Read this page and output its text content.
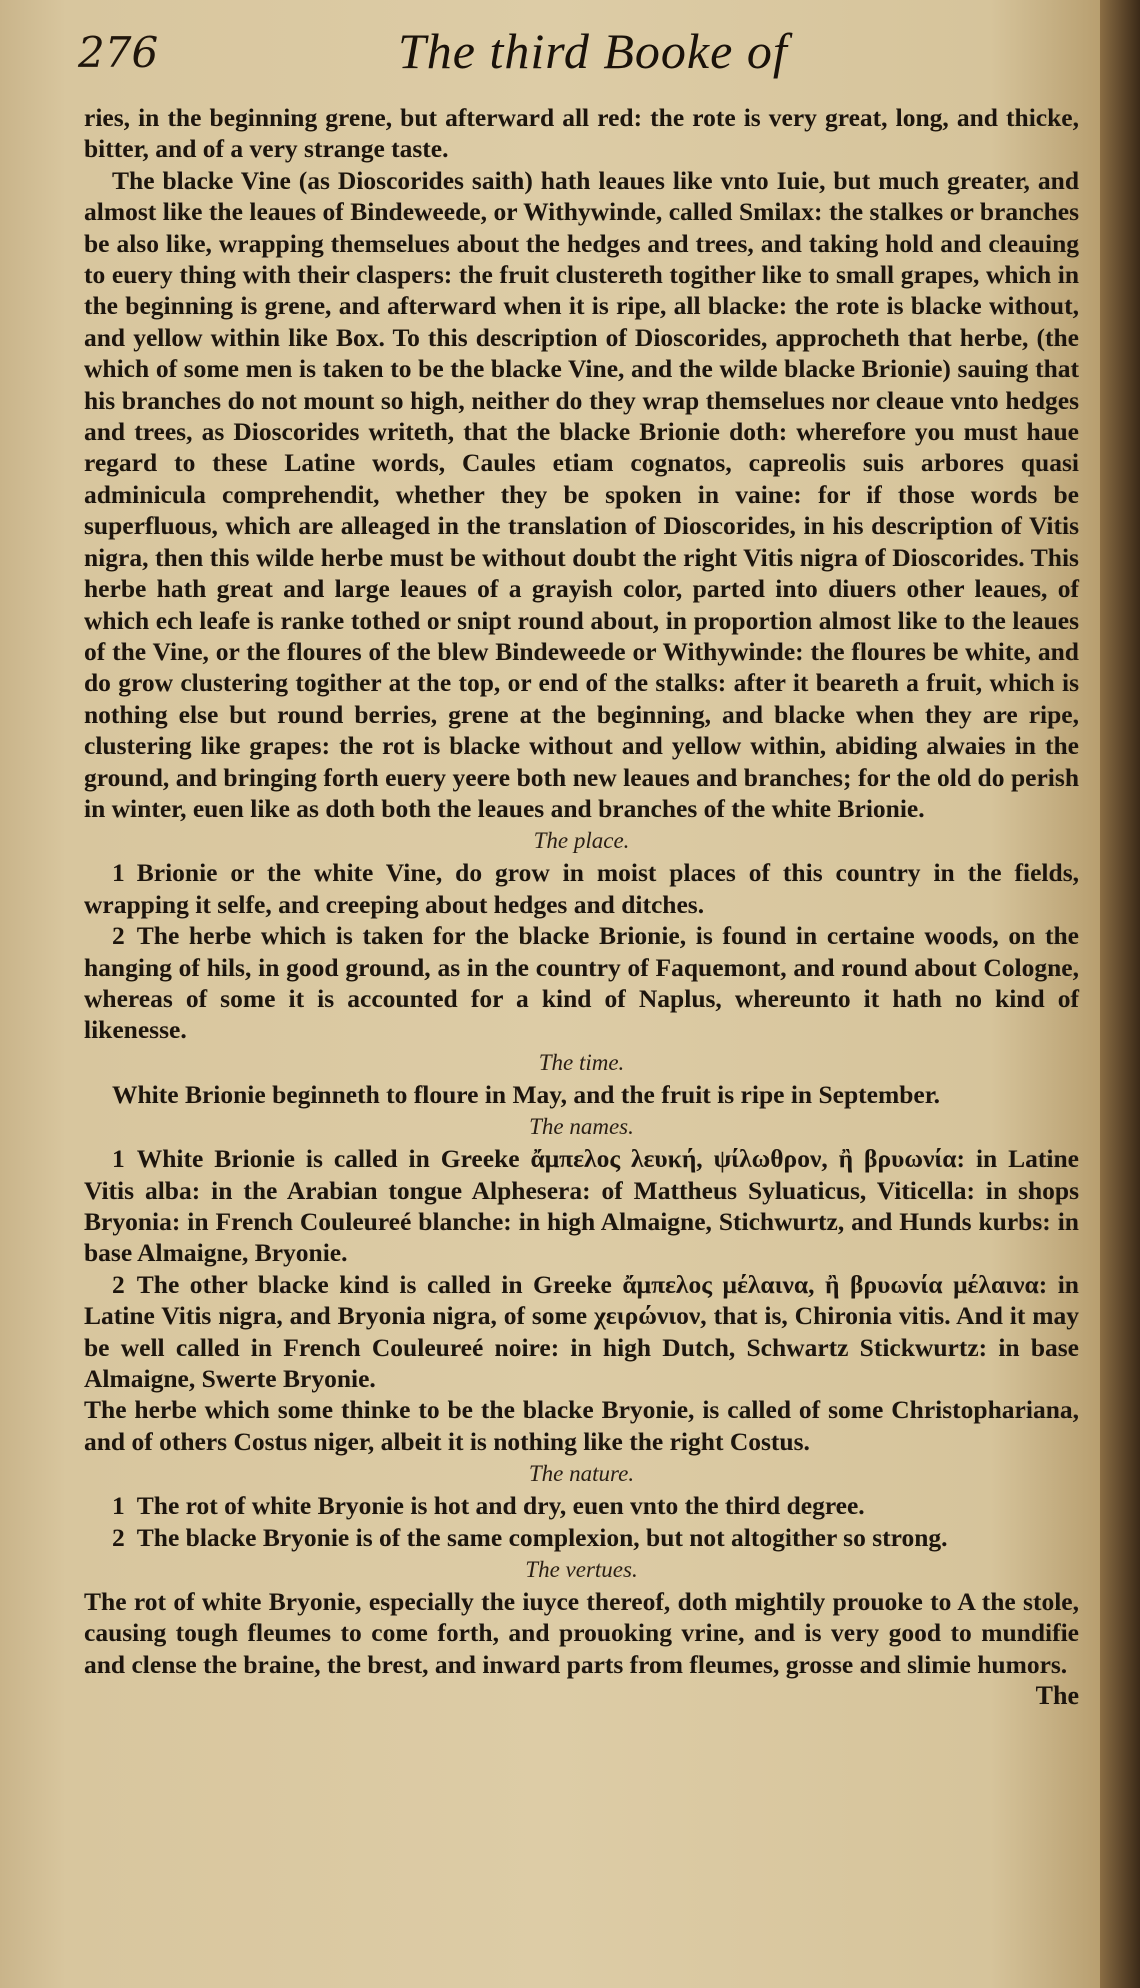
276	The third Booke of

ries, in the beginning grene, but afterward all red: the rote is very great, long, and thicke, bitter, and of a very strange taste.

The blacke Vine (as Dioscorides saith) hath leaues like vnto Iuie, but much greater, and almost like the leaues of Bindeweede, or Withywinde, called Smilax: the stalkes or branches be also like, wrapping themselues about the hedges and trees, and taking hold and cleauing to euery thing with their claspers: the fruit clustereth togither like to small grapes, which in the beginning is grene, and afterward when it is ripe, all blacke: the rote is blacke without, and yellow within like Box. To this description of Dioscorides, approcheth that herbe, (the which of some men is taken to be the blacke Vine, and the wilde blacke Brionie) sauing that his branches do not mount so high, neither do they wrap themselues nor cleaue vnto hedges and trees, as Dioscorides writeth, that the blacke Brionie doth: wherefore you must haue regard to these Latine words, Caules etiam cognatos, capreolis suis arbores quasi adminicula comprehendit, whether they be spoken in vaine: for if those words be superfluous, which are alleaged in the translation of Dioscorides, in his description of Vitis nigra, then this wilde herbe must be without doubt the right Vitis nigra of Dioscorides. This herbe hath great and large leaues of a grayish color, parted into diuers other leaues, of which ech leafe is ranke tothed or snipt round about, in proportion almost like to the leaues of the Vine, or the floures of the blew Bindeweede or Withywinde: the floures be white, and do grow clustering togither at the top, or end of the stalks: after it beareth a fruit, which is nothing else but round berries, grene at the beginning, and blacke when they are ripe, clustering like grapes: the rot is blacke without and yellow within, abiding alwaies in the ground, and bringing forth euery yeere both new leaues and branches; for the old do perish in winter, euen like as doth both the leaues and branches of the white Brionie.

The place.

1 Brionie or the white Vine, do grow in moist places of this country in the fields, wrapping it selfe, and creeping about hedges and ditches.

2 The herbe which is taken for the blacke Brionie, is found in certaine woods, on the hanging of hils, in good ground, as in the country of Faquemont, and round about Cologne, whereas of some it is accounted for a kind of Naplus, whereunto it hath no kind of likenesse.

The time.

White Brionie beginneth to floure in May, and the fruit is ripe in September.

The names.

1 White Brionie is called in Greeke ἄμπελος λευκή, ψίλωθρον, ἢ βρυωνία: in Latine Vitis alba: in the Arabian tongue Alphesera: of Mattheus Syluaticus, Viticella: in shops Bryonia: in French Couleureé blanche: in high Almaigne, Stichwurtz, and Hunds kurbs: in base Almaigne, Bryonie.

2 The other blacke kind is called in Greeke ἄμπελος μέλαινα, ἢ βρυωνία μέλαινα: in Latine Vitis nigra, and Bryonia nigra, of some χειρώνιον, that is, Chironia vitis. And it may be well called in French Couleureé noire: in high Dutch, Schwartz Stickwurtz: in base Almaigne, Swerte Bryonie.

The herbe which some thinke to be the blacke Bryonie, is called of some Christophariana, and of others Costus niger, albeit it is nothing like the right Costus.

The nature.

1 The rot of white Bryonie is hot and dry, euen vnto the third degree.

2 The blacke Bryonie is of the same complexion, but not altogither so strong.

The vertues.

The rot of white Bryonie, especially the iuyce thereof, doth mightily prouoke to A the stole, causing tough fleumes to come forth, and prouoking vrine, and is very good to mundifie and clense the braine, the brest, and inward parts from fleumes, grosse and slimie humors.

The
